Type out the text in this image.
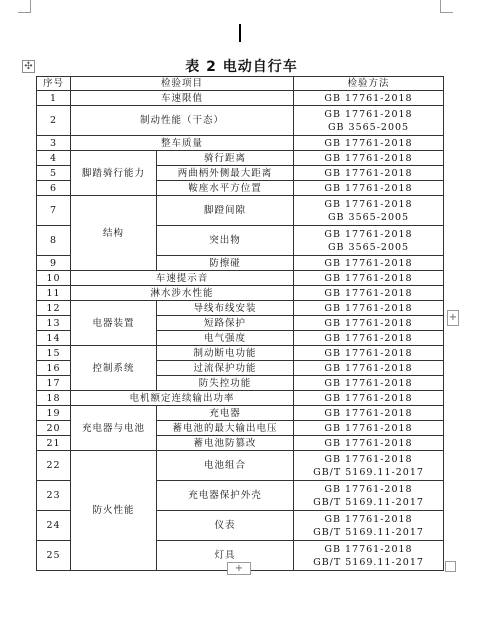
✣	表 2 电动自行车
序号	检验项目		检验方法
1	车速限值		GB 17761-2018

2	制动性能（干态）		GB 17761-2018
GB 3565-2005

3	整车质量		GB 17761-2018

4	脚踏骑行能力	骑行距离	GB 17761-2018

5		两曲柄外侧最大距离	GB 17761-2018

6		鞍座水平方位置	GB 17761-2018

7	结构	脚蹬间隙	GB 17761-2018
GB 3565-2005

8		突出物	GB 17761-2018
GB 3565-2005

9		防擦碰	GB 17761-2018

10	车速提示音		GB 17761-2018

11	淋水涉水性能		GB 17761-2018

12	电器装置	导线布线安装	GB 17761-2018

13		短路保护	GB 17761-2018

14		电气强度	GB 17761-2018

15	控制系统	制动断电功能	GB 17761-2018

16		过流保护功能	GB 17761-2018

17		防失控功能	GB 17761-2018

18	电机额定连续输出功率		GB 17761-2018

19	充电器与电池	充电器	GB 17761-2018

20		蓄电池的最大输出电压	GB 17761-2018

21		蓄电池防篡改	GB 17761-2018

22	防火性能	电池组合	GB 17761-2018
GB/T 5169.11-2017

23		充电器保护外壳	GB 17761-2018
GB/T 5169.11-2017

24		仪表	GB 17761-2018
GB/T 5169.11-2017

25		灯具	GB 17761-2018
GB/T 5169.11-2017
+
+
